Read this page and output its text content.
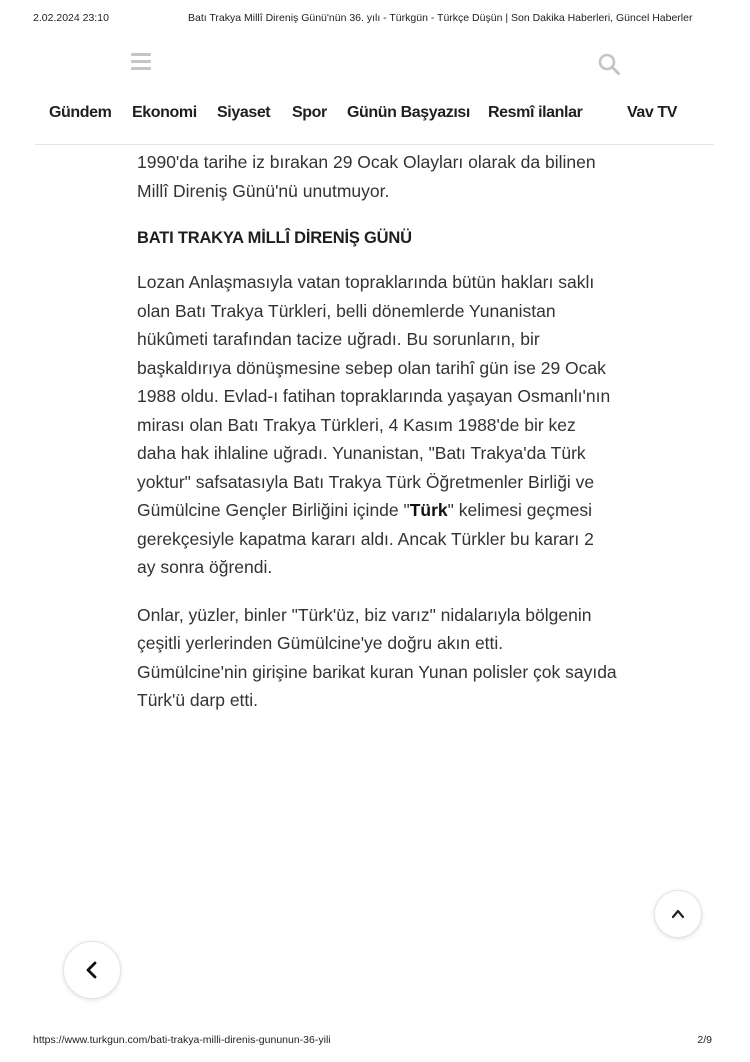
2.02.2024 23:10	Batı Trakya Millî Direniş Günü'nün 36. yılı - Türkgün - Türkçe Düşün | Son Dakika Haberleri, Güncel Haberler
Gündem Ekonomi Siyaset Spor Günün Başyazısı Resmî ilanlar	Vav TV

1990'da tarihe iz bırakan 29 Ocak Olayları olarak da bilinen Millî Direniş Günü'nü unutmuyor.

BATI TRAKYA MİLLÎ DİRENİŞ GÜNÜ

Lozan Anlaşmasıyla vatan topraklarında bütün hakları saklı olan Batı Trakya Türkleri, belli dönemlerde Yunanistan hükûmeti tarafından tacize uğradı. Bu sorunların, bir başkaldırıya dönüşmesine sebep olan tarihî gün ise 29 Ocak 1988 oldu. Evlad-ı fatihan topraklarında yaşayan Osmanlı'nın mirası olan Batı Trakya Türkleri, 4 Kasım 1988'de bir kez daha hak ihlaline uğradı. Yunanistan, "Batı Trakya'da Türk yoktur" safsatasıyla Batı Trakya Türk Öğretmenler Birliği ve Gümülcine Gençler Birliğini içinde "Türk" kelimesi geçmesi gerekçesiyle kapatma kararı aldı. Ancak Türkler bu kararı 2 ay sonra öğrendi.

Onlar, yüzler, binler "Türk'üz, biz varız" nidalarıyla bölgenin çeşitli yerlerinden Gümülcine'ye doğru akın etti. Gümülcine'nin girişine barikat kuran Yunan polisler çok sayıda Türk'ü darp etti.

https://www.turkgun.com/bati-trakya-milli-direnis-gununun-36-yili	2/9
